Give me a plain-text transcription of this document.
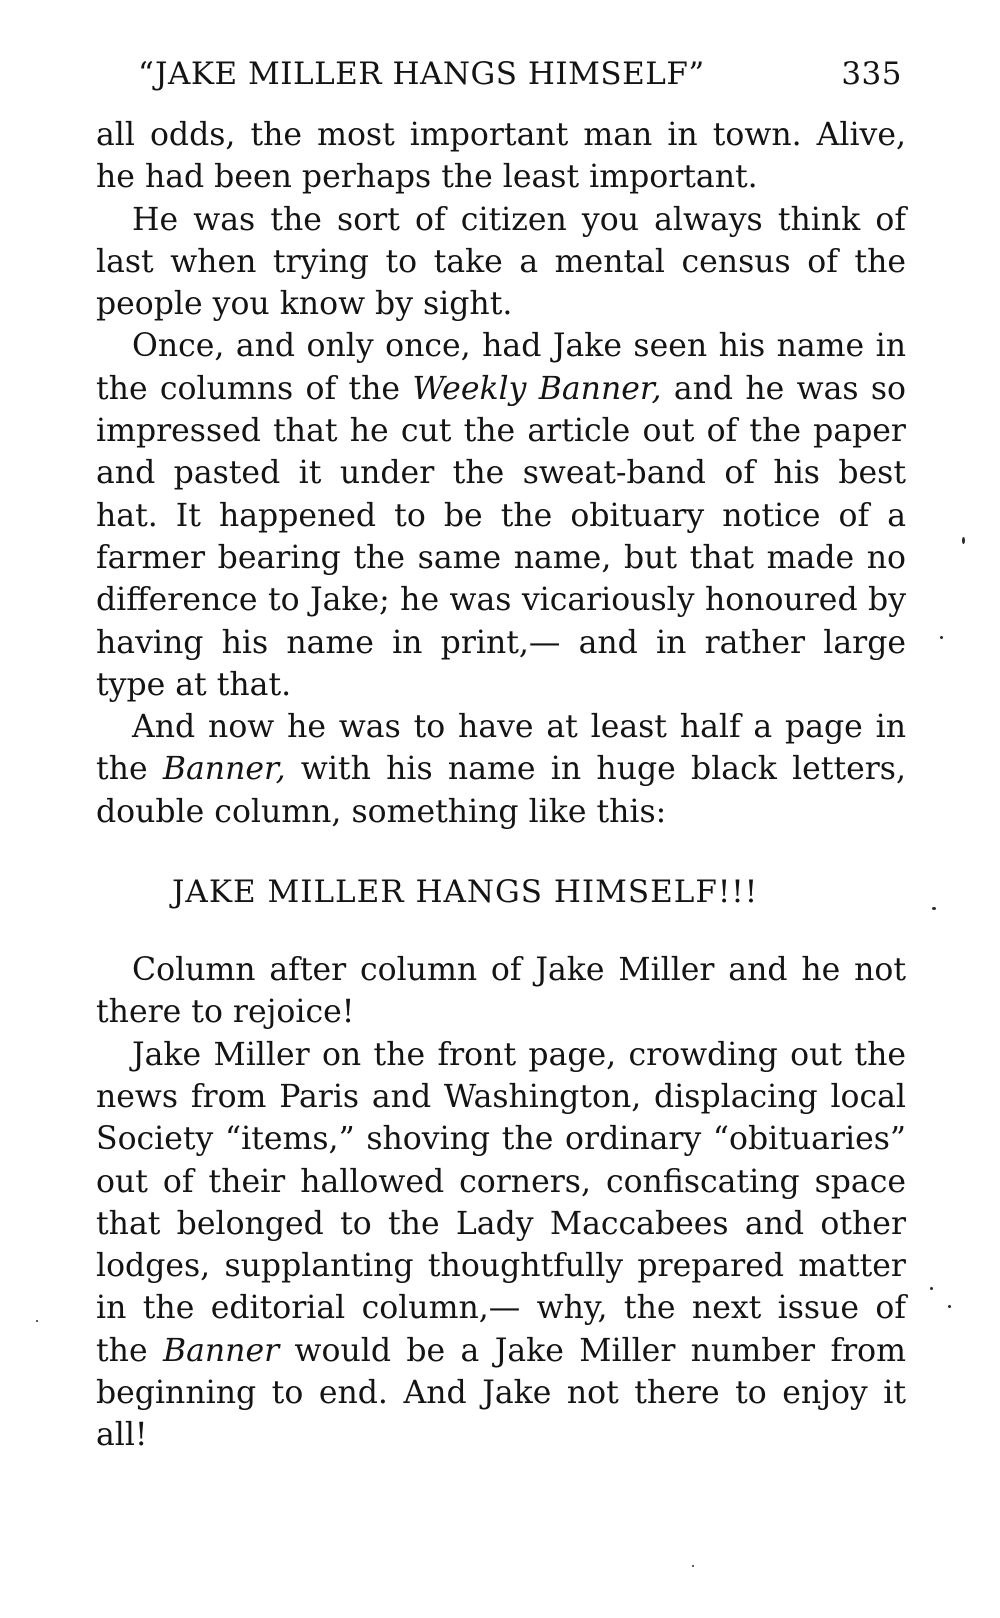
“JAKE MILLER HANGS HIMSELF”	335

all odds, the most important man in town. Alive, he had been perhaps the least important.

He was the sort of citizen you always think of last when trying to take a mental census of the people you know by sight.

Once, and only once, had Jake seen his name in the columns of the Weekly Banner, and he was so impressed that he cut the article out of the paper and pasted it under the sweat-band of his best hat. It happened to be the obituary notice of a farmer bearing the same name, but that made no difference to Jake; he was vicariously honoured by having his name in print,— and in rather large type at that.

And now he was to have at least half a page in the Banner, with his name in huge black letters, double column, something like this:

JAKE MILLER HANGS HIMSELF!!!

Column after column of Jake Miller and he not there to rejoice!

Jake Miller on the front page, crowding out the news from Paris and Washington, displacing local Society “items,” shoving the ordinary “obituaries” out of their hallowed corners, confiscating space that belonged to the Lady Maccabees and other lodges, supplanting thoughtfully prepared matter in the editorial column,— why, the next issue of the Banner would be a Jake Miller number from beginning to end. And Jake not there to enjoy it all!
